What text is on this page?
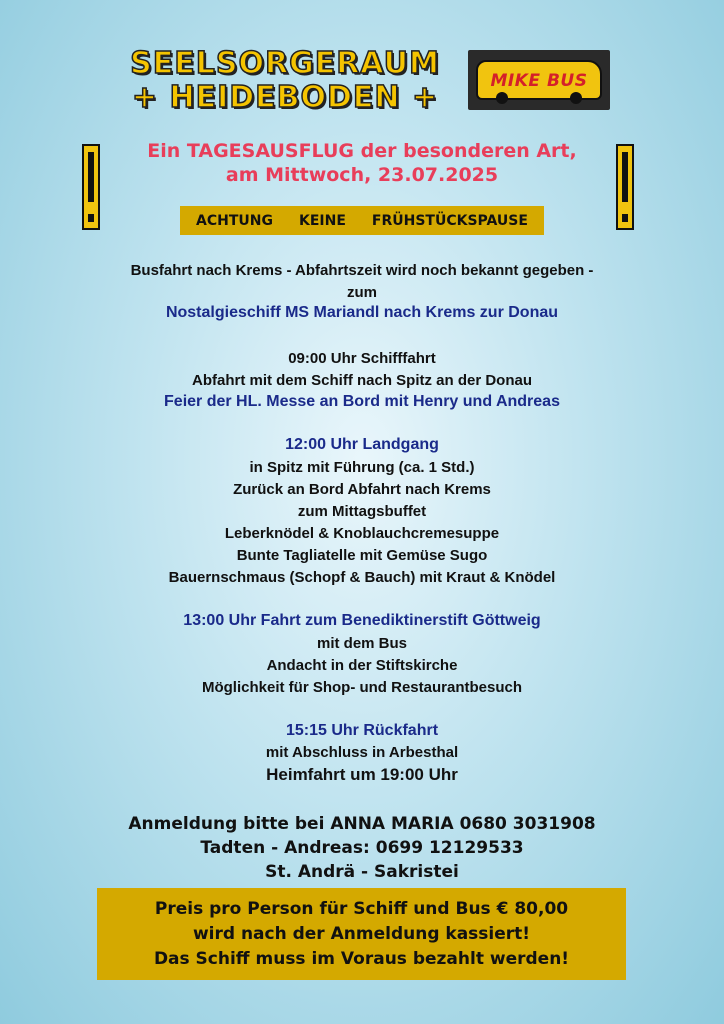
SEELSORGERAUM
+ HEIDEBODEN +	MIKE BUS
Ein TAGESAUSFLUG der besonderen Art,
am Mittwoch, 23.07.2025
ACHTUNG KEINE FRÜHSTÜCKSPAUSE
Busfahrt nach Krems - Abfahrtszeit wird noch bekannt gegeben -
zum
Nostalgieschiff MS Mariandl nach Krems zur Donau
09:00 Uhr Schifffahrt
Abfahrt mit dem Schiff nach Spitz an der Donau
Feier der HL. Messe an Bord mit Henry und Andreas
12:00 Uhr Landgang
in Spitz mit Führung (ca. 1 Std.)
Zurück an Bord Abfahrt nach Krems
zum Mittagsbuffet
Leberknödel & Knoblauchcremesuppe
Bunte Tagliatelle mit Gemüse Sugo
Bauernschmaus (Schopf & Bauch) mit Kraut & Knödel
13:00 Uhr Fahrt zum Benediktinerstift Göttweig
mit dem Bus
Andacht in der Stiftskirche
Möglichkeit für Shop- und Restaurantbesuch
15:15 Uhr Rückfahrt
mit Abschluss in Arbesthal
Heimfahrt um 19:00 Uhr
Anmeldung bitte bei ANNA MARIA 0680 3031908
Tadten - Andreas: 0699 12129533
St. Andrä - Sakristei
Preis pro Person für Schiff und Bus € 80,00
wird nach der Anmeldung kassiert!
Das Schiff muss im Voraus bezahlt werden!
